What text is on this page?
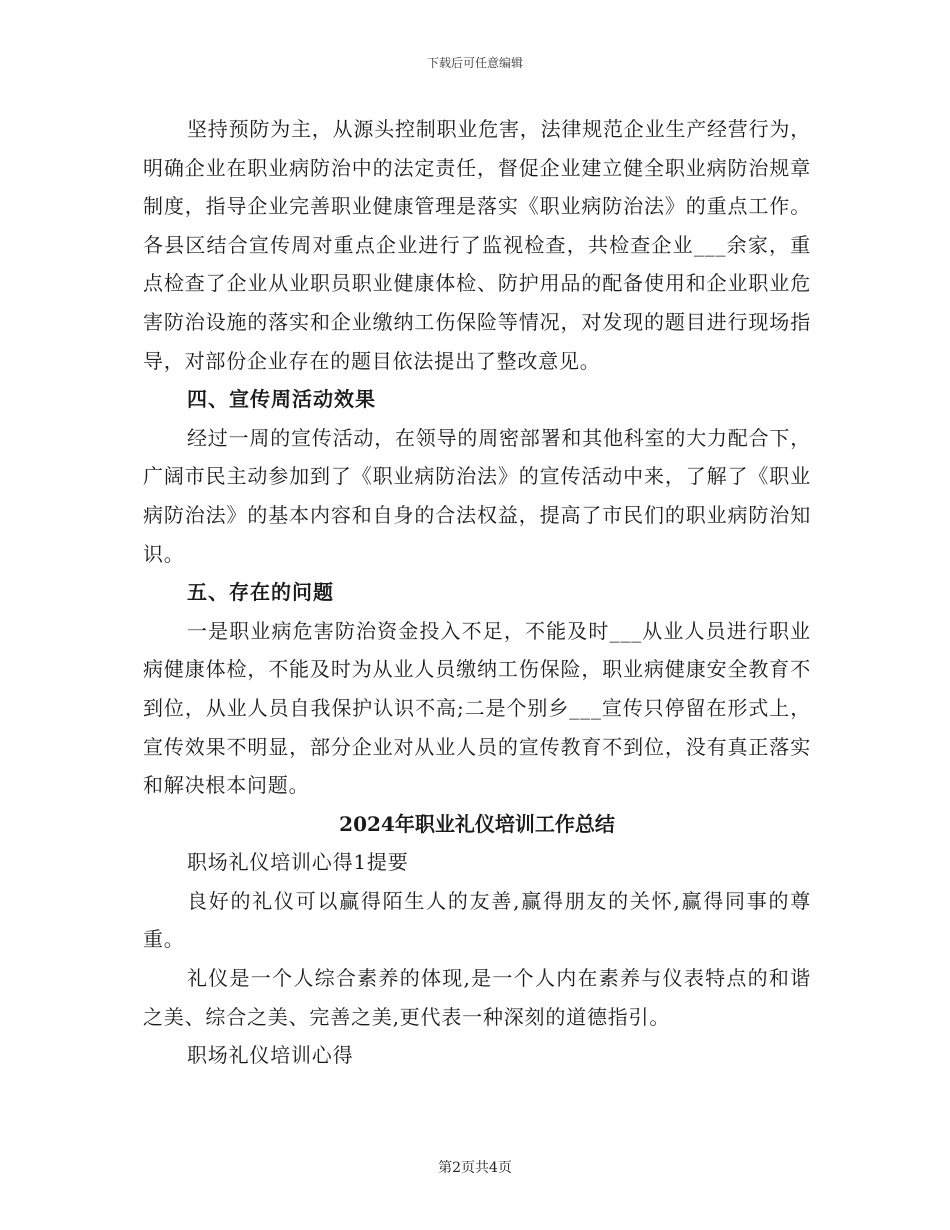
下载后可任意编辑

坚持预防为主，从源头控制职业危害，法律规范企业生产经营行为，明确企业在职业病防治中的法定责任，督促企业建立健全职业病防治规章制度，指导企业完善职业健康管理是落实《职业病防治法》的重点工作。各县区结合宣传周对重点企业进行了监视检查，共检查企业___余家，重点检查了企业从业职员职业健康体检、防护用品的配备使用和企业职业危害防治设施的落实和企业缴纳工伤保险等情况，对发现的题目进行现场指导，对部份企业存在的题目依法提出了整改意见。

四、宣传周活动效果

经过一周的宣传活动，在领导的周密部署和其他科室的大力配合下，广阔市民主动参加到了《职业病防治法》的宣传活动中来，了解了《职业病防治法》的基本内容和自身的合法权益，提高了市民们的职业病防治知识。

五、存在的问题

一是职业病危害防治资金投入不足，不能及时___从业人员进行职业病健康体检，不能及时为从业人员缴纳工伤保险，职业病健康安全教育不到位，从业人员自我保护认识不高;二是个别乡___宣传只停留在形式上，宣传效果不明显，部分企业对从业人员的宣传教育不到位，没有真正落实和解决根本问题。

2024年职业礼仪培训工作总结

职场礼仪培训心得1提要

良好的礼仪可以赢得陌生人的友善,赢得朋友的关怀,赢得同事的尊重。

礼仪是一个人综合素养的体现,是一个人内在素养与仪表特点的和谐之美、综合之美、完善之美,更代表一种深刻的道德指引。

职场礼仪培训心得

第2页共4页
